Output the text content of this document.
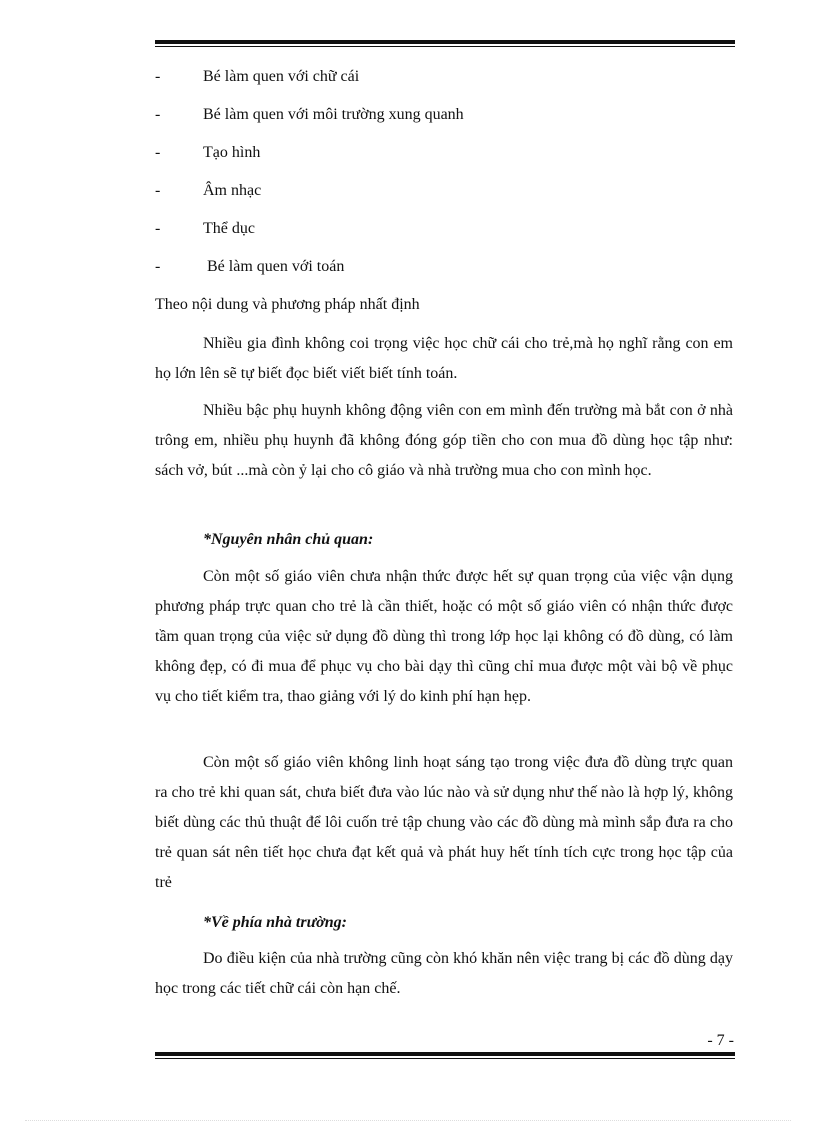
-	Bé làm quen với chữ cái
-	Bé làm quen với môi trường xung quanh
-	Tạo hình
-	Âm nhạc
-	Thể dục
-	Bé làm quen với toán
Theo nội dung và phương pháp nhất định

Nhiều gia đình không coi trọng việc học chữ cái cho trẻ,mà họ nghĩ rằng con em họ lớn lên sẽ tự biết đọc biết viết biết tính toán.

Nhiều bậc phụ huynh không động viên con em mình đến trường mà bắt con ở nhà trông em, nhiều phụ huynh đã không đóng góp tiền cho con mua đồ dùng học tập như: sách vở, bút ...mà còn ỷ lại cho cô giáo và nhà trường mua cho con mình học.

*Nguyên nhân chủ quan:

Còn một số giáo viên chưa nhận thức được hết sự quan trọng của việc vận dụng phương pháp trực quan cho trẻ là cần thiết, hoặc có một số giáo viên có nhận thức được tầm quan trọng của việc sử dụng đồ dùng thì trong lớp học lại không có đồ dùng, có làm không đẹp, có đi mua để phục vụ cho bài dạy thì cũng chỉ mua được một vài bộ về phục vụ cho tiết kiểm tra, thao giảng với lý do kinh phí hạn hẹp.

Còn một số giáo viên không linh hoạt sáng tạo trong việc đưa đồ dùng trực quan ra cho trẻ khi quan sát, chưa biết đưa vào lúc nào và sử dụng như thế nào là hợp lý, không biết dùng các thủ thuật để lôi cuốn trẻ tập chung vào các đồ dùng mà mình sắp đưa ra cho trẻ quan sát nên tiết học chưa đạt kết quả và phát huy hết tính tích cực trong học tập của trẻ

*Về phía nhà trường:

Do điều kiện của nhà trường cũng còn khó khăn nên việc trang bị các đồ dùng dạy học trong các tiết chữ cái còn hạn chế.

- 7 -
